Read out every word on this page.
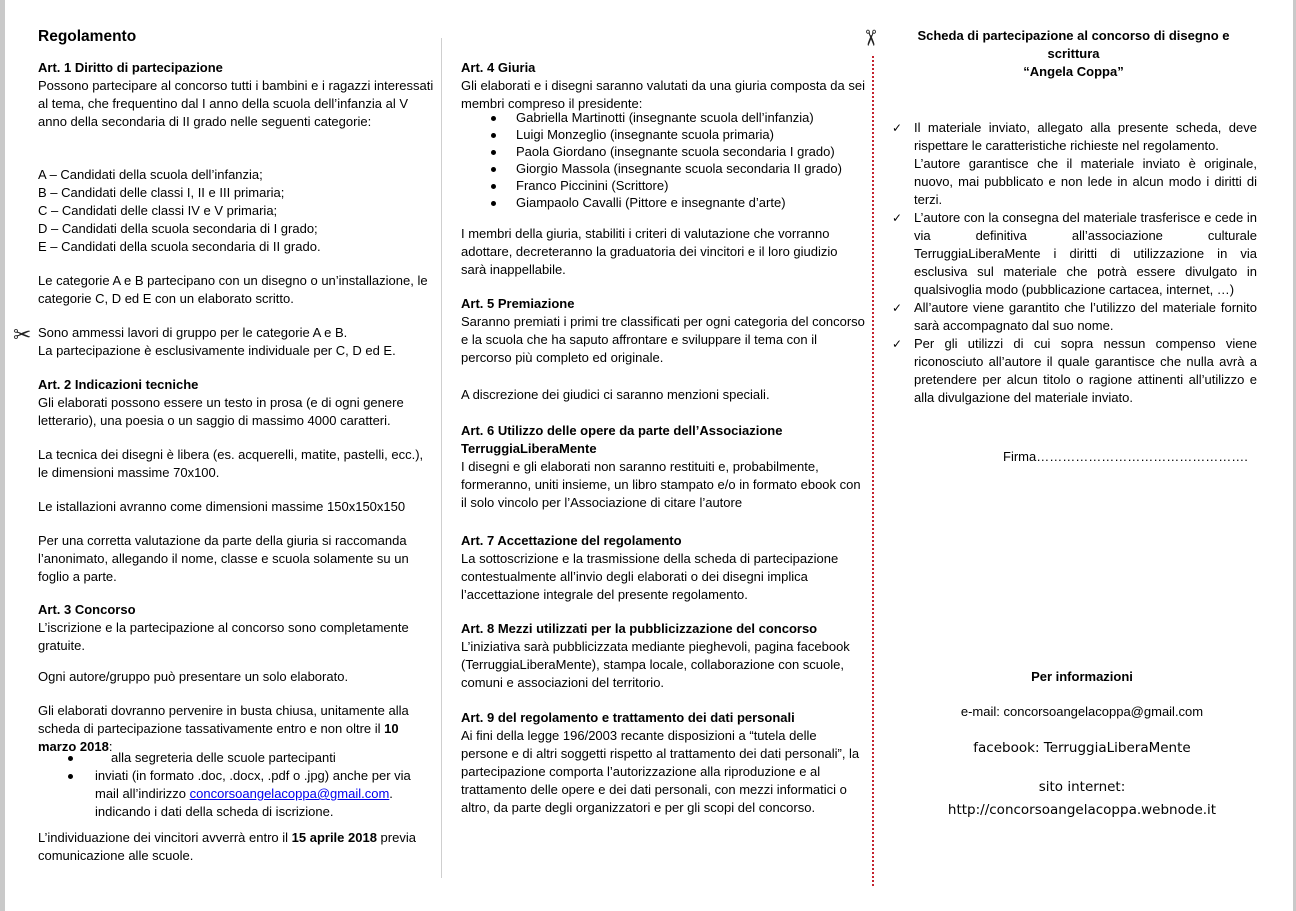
Regolamento

Art. 1 Diritto di partecipazione

Possono partecipare al concorso tutti i bambini e i ragazzi interessati al tema, che frequentino dal I anno della scuola dell’infanzia al V anno della secondaria di II grado nelle seguenti categorie:

A – Candidati della scuola dell’infanzia;

B – Candidati delle classi I, II e III primaria;

C – Candidati delle classi IV e V primaria;

D – Candidati della scuola secondaria di I grado;

E – Candidati della scuola secondaria di II grado.

Le categorie A e B partecipano con un disegno o un’installazione, le categorie C, D ed E con un elaborato scritto.

Sono ammessi lavori di gruppo per le categorie A e B.

La partecipazione è esclusivamente individuale per C, D ed E.

Art. 2 Indicazioni tecniche

Gli elaborati possono essere un testo in prosa (e di ogni genere letterario), una poesia o un saggio di massimo 4000 caratteri.

La tecnica dei disegni è libera (es. acquerelli, matite, pastelli, ecc.), le dimensioni massime 70x100.

Le istallazioni avranno come dimensioni massime 150x150x150

Per una corretta valutazione da parte della giuria si raccomanda l’anonimato, allegando il nome, classe e scuola solamente su un foglio a parte.

Art. 3 Concorso

L’iscrizione e la partecipazione al concorso sono completamente gratuite.

Ogni autore/gruppo può presentare un solo elaborato.

Gli elaborati dovranno pervenire in busta chiusa, unitamente alla scheda di partecipazione tassativamente entro e non oltre il 10 marzo 2018:

alla segreteria delle scuole partecipanti
inviati (in formato .doc, .docx, .pdf o .jpg) anche per via mail all’indirizzo concorsoangelacoppa@gmail.com. indicando i dati della scheda di iscrizione.

L’individuazione dei vincitori avverrà entro il 15 aprile 2018 previa comunicazione alle scuole.

✂

Art. 4 Giuria

Gli elaborati e i disegni saranno valutati da una giuria composta da sei membri compreso il presidente:

Gabriella Martinotti (insegnante scuola dell’infanzia)
Luigi Monzeglio (insegnante scuola primaria)
Paola Giordano (insegnante scuola secondaria I grado)
Giorgio Massola (insegnante scuola secondaria II grado)
Franco Piccinini (Scrittore)
Giampaolo Cavalli (Pittore e insegnante d’arte)

I membri della giuria, stabiliti i criteri di valutazione che vorranno adottare, decreteranno la graduatoria dei vincitori e il loro giudizio sarà inappellabile.

Art. 5 Premiazione

Saranno premiati i primi tre classificati per ogni categoria del concorso e la scuola che ha saputo affrontare e sviluppare il tema con il percorso più completo ed originale.

A discrezione dei giudici ci saranno menzioni speciali.

Art. 6 Utilizzo delle opere da parte dell’Associazione

TerruggiaLiberaMente

I disegni e gli elaborati non saranno restituiti e, probabilmente, formeranno, uniti insieme, un libro stampato e/o in formato ebook con il solo vincolo per l’Associazione di citare l’autore

Art. 7 Accettazione del regolamento

La sottoscrizione e la trasmissione della scheda di partecipazione contestualmente all’invio degli elaborati o dei disegni implica l’accettazione integrale del presente regolamento.

Art. 8 Mezzi utilizzati per la pubblicizzazione del concorso

L’iniziativa sarà pubblicizzata mediante pieghevoli, pagina facebook (TerruggiaLiberaMente), stampa locale, collaborazione con scuole, comuni e associazioni del territorio.

Art. 9 del regolamento e trattamento dei dati personali

Ai fini della legge 196/2003 recante disposizioni a “tutela delle persone e di altri soggetti rispetto al trattamento dei dati personali”, la partecipazione comporta l’autorizzazione alla riproduzione e al trattamento delle opere e dei dati personali, con mezzi informatici o altro, da parte degli organizzatori e per gli scopi del concorso.

✂	Scheda di partecipazione al concorso di disegno e scrittura

“Angela Coppa”

✓ Il materiale inviato, allegato alla presente scheda, deve rispettare le caratteristiche richieste nel regolamento.
L’autore garantisce che il materiale inviato è originale, nuovo, mai pubblicato e non lede in alcun modo i diritti di terzi.
✓ L’autore con la consegna del materiale trasferisce e cede in via definitiva all’associazione culturale TerruggiaLiberaMente i diritti di utilizzazione in via esclusiva sul materiale che potrà essere divulgato in qualsivoglia modo (pubblicazione cartacea, internet, …)
✓ All’autore viene garantito che l’utilizzo del materiale fornito sarà accompagnato dal suo nome.
✓ Per gli utilizzi di cui sopra nessun compenso viene riconosciuto all’autore il quale garantisce che nulla avrà a pretendere per alcun titolo o ragione attinenti all’utilizzo e alla divulgazione del materiale inviato.

Firma………………………………………….

Per informazioni

e-mail: concorsoangelacoppa@gmail.com

facebook: TerruggiaLiberaMente

sito internet:

http://concorsoangelacoppa.webnode.it
